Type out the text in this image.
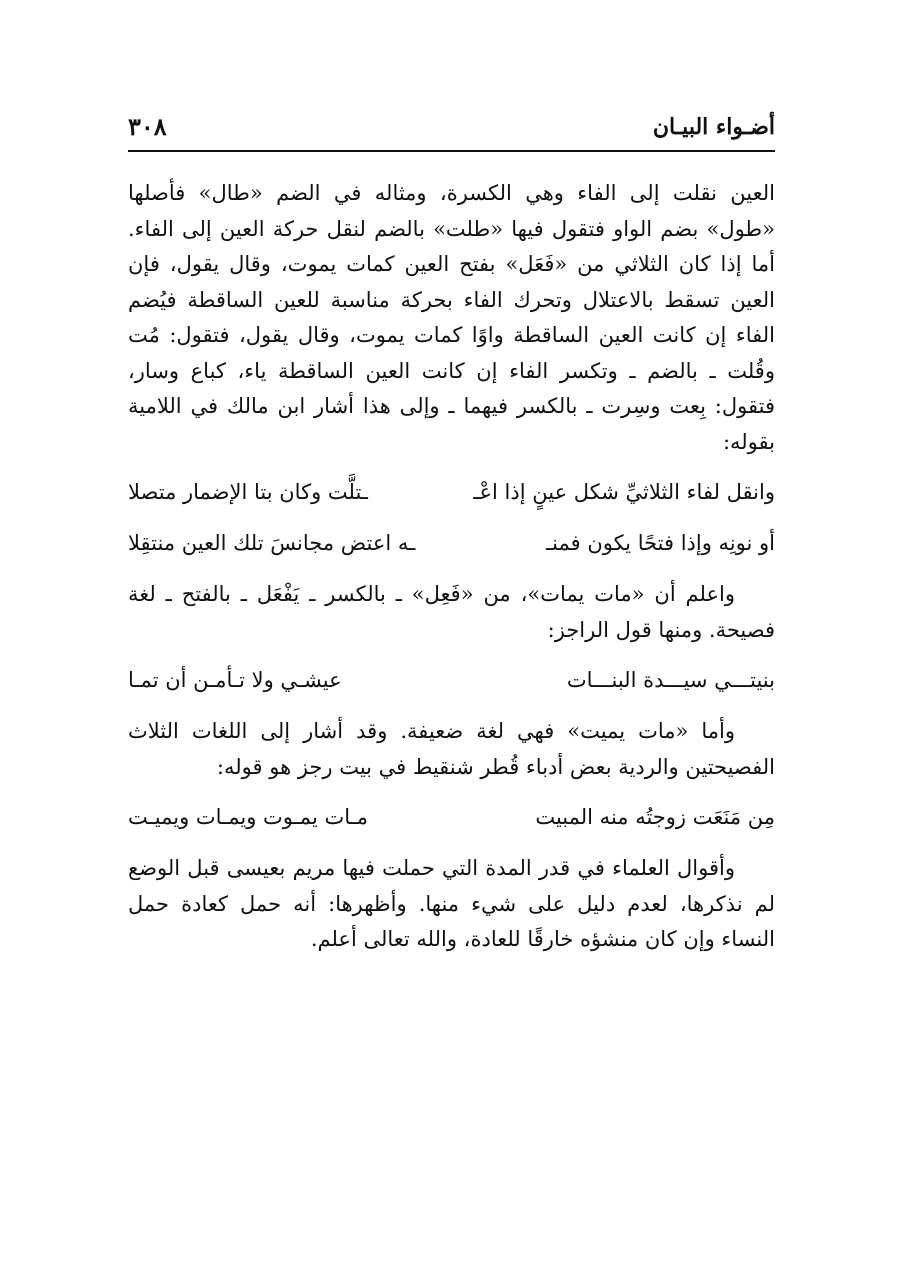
أضـواء البيـان
٣٠٨

العين نقلت إلى الفاء وهي الكسرة، ومثاله في الضم «طال» فأصلها «طول» بضم الواو فتقول فيها «طلت» بالضم لنقل حركة العين إلى الفاء. أما إذا كان الثلاثي من «فَعَل» بفتح العين كمات يموت، وقال يقول، فإن العين تسقط بالاعتلال وتحرك الفاء بحركة مناسبة للعين الساقطة فيُضم الفاء إن كانت العين الساقطة واوًا كمات يموت، وقال يقول، فتقول: مُت وقُلت ـ بالضم ـ وتكسر الفاء إن كانت العين الساقطة ياء، كباع وسار، فتقول: بِعت وسِرت ـ بالكسر فيهما ـ وإلى هذا أشار ابن مالك في اللامية بقوله:

وانقل لفاء الثلاثيِّ شكل عينٍ إذا اعْـ
ـتلَّت وكان بتا الإضمار متصلا
أو نونِه وإذا فتحًا يكون فمنـ
ـه اعتض مجانسَ تلك العين منتقِلا

واعلم أن «مات يمات»، من «فَعِل» ـ بالكسر ـ يَفْعَل ـ بالفتح ـ لغة فصيحة. ومنها قول الراجز:

بنيتـــي سيـــدة البنـــات
عيشـي ولا تـأمـن أن تمـا

وأما «مات يميت» فهي لغة ضعيفة. وقد أشار إلى اللغات الثلاث الفصيحتين والردية بعض أدباء قُطر شنقيط في بيت رجز هو قوله:

مِن مَنَعَت زوجتُه منه المبيت
مـات يمـوت ويمـات ويميـت

وأقوال العلماء في قدر المدة التي حملت فيها مريم بعيسى قبل الوضع لم نذكرها، لعدم دليل على شيء منها. وأظهرها: أنه حمل كعادة حمل النساء وإن كان منشؤه خارقًا للعادة، والله تعالى أعلم.
